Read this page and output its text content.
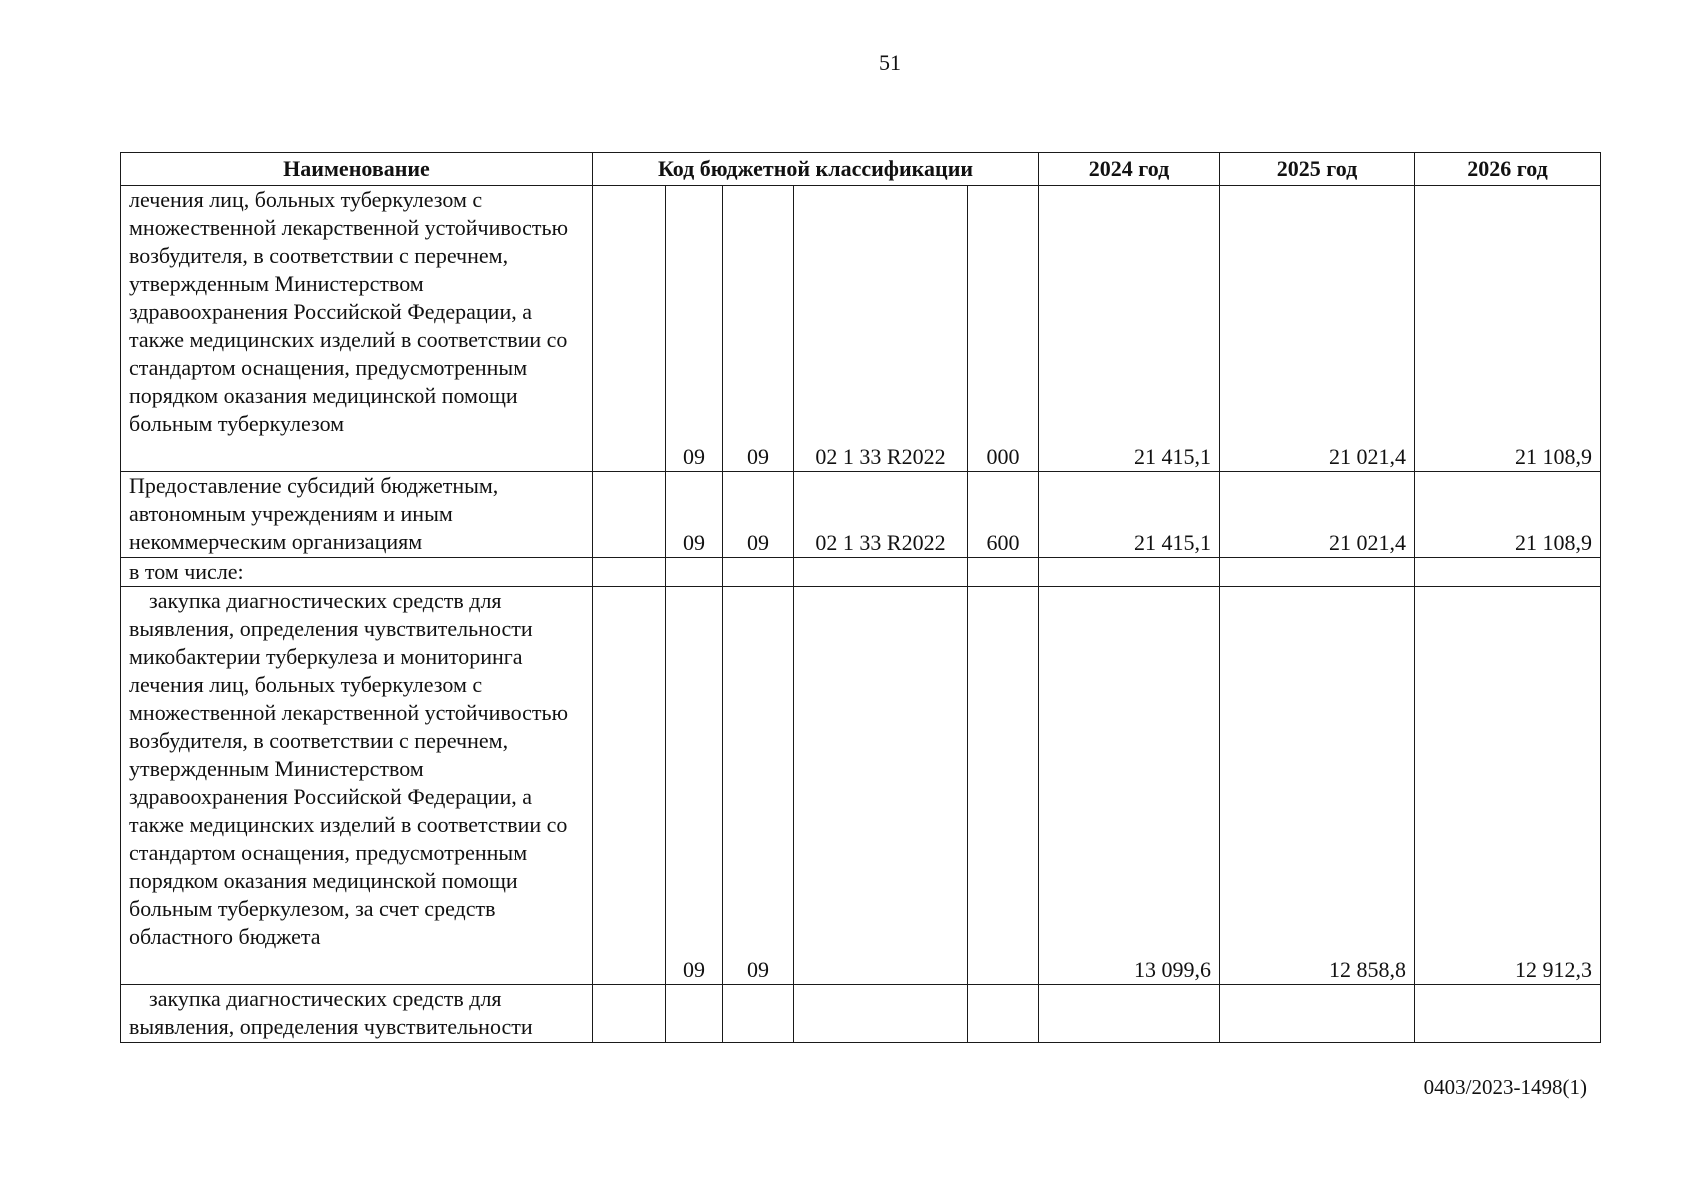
51
Наименование	Код бюджетной классификации					2024 год	2025 год	2026 год
лечения лиц, больных туберкулезом с множественной лекарственной устойчивостью возбудителя, в соответствии с перечнем, утвержденным Министерством здравоохранения Российской Федерации, а также медицинских изделий в соответствии со стандартом оснащения, предусмотренным порядком оказания медицинской помощи больным туберкулезом		09	09	02 1 33 R2022	000	21 415,1	21 021,4	21 108,9
Предоставление субсидий бюджетным, автономным учреждениям и иным некоммерческим организациям		09	09	02 1 33 R2022	600	21 415,1	21 021,4	21 108,9
в том числе:								
закупка диагностических средств для выявления, определения чувствительности микобактерии туберкулеза и мониторинга лечения лиц, больных туберкулезом с множественной лекарственной устойчивостью возбудителя, в соответствии с перечнем, утвержденным Министерством здравоохранения Российской Федерации, а также медицинских изделий в соответствии со стандартом оснащения, предусмотренным порядком оказания медицинской помощи больным туберкулезом, за счет средств областного бюджета		09	09			13 099,6	12 858,8	12 912,3
закупка диагностических средств для выявления, определения чувствительности								
0403/2023-1498(1)
